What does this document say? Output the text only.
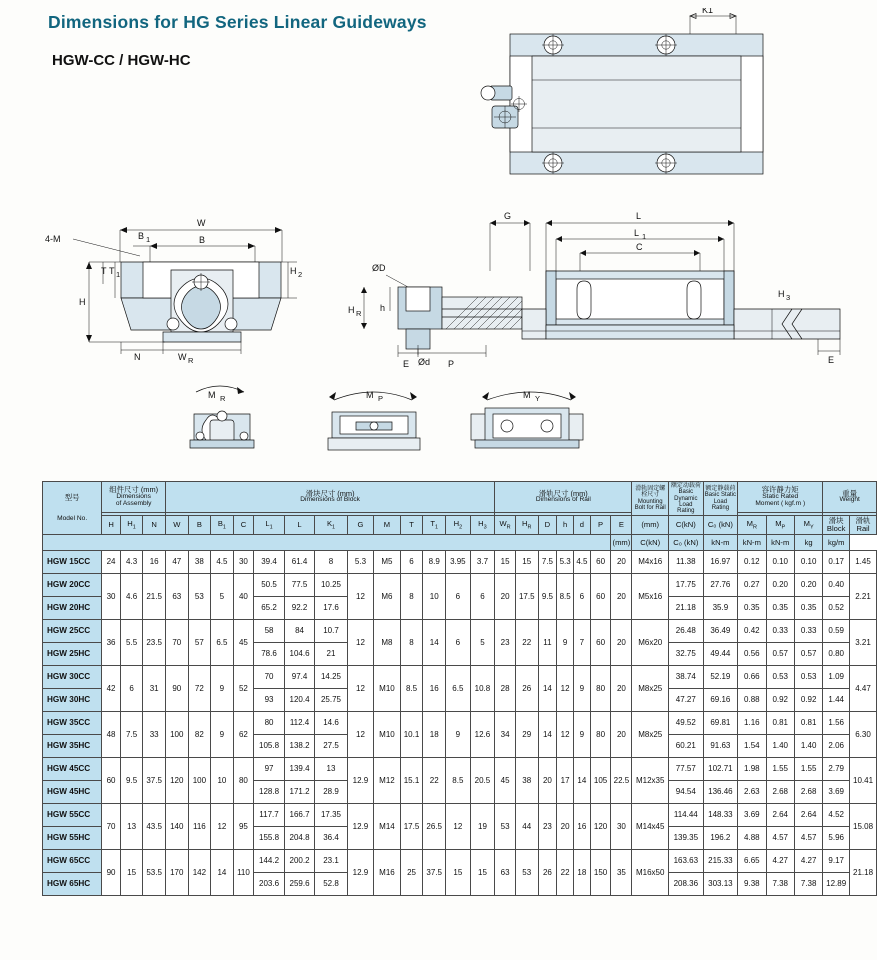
Dimensions for HG Series Linear Guideways
HGW-CC / HGW-HC
K1
W
B
B 1
4-M
H
T T 1	H 2
N	W R
G	L
L 1
C
ØD
Ød
H R
h
E	P
H 3
E
M R	M P	M Y
型号
Model No.

组件尺寸 (mm)
Dimensions
of Assembly

滑块尺寸 (mm)
Dimensions of Block

滑轨尺寸 (mm)
Dimensions of Rail

滑轨固定螺栓尺寸
Mounting
Bolt for Rail

额定动载荷
Basic Dynamic
Load Rating

额定静载荷
Basic Static
Load Rating

容许静力矩
Static Rated
Moment ( kgf.m )

重量
Weight

	H	$H_1$	N	W	B	$B_1$	C	$L_1$	L	$K_1$	G	M	T	$T_1$	$H_2$	$H_3$	$W_R$	$H_R$	D	h	d	P	E	(mm)	C(kN)	C₀ (kN)	$M_R$	$M_P$	$M_Y$	滑块
Block	滑轨
Rail
																							(mm)	C(kN)	C₀ (kN)	kN-m	kN-m	kN-m	kg	kg/m	
HGW 15CC	24	4.3	16	47	38	4.5	30	39.4	61.4	8	5.3	M5	6	8.9	3.95	3.7	15	15	7.5	5.3	4.5	60	20	M4x16	11.38	16.97	0.12	0.10	0.10	0.17	1.45
HGW 20CC	30	4.6	21.5	63	53	5	40	50.5	77.5	10.25	12	M6	8	10	6	6	20	17.5	9.5	8.5	6	60	20	M5x16	17.75	27.76	0.27	0.20	0.20	0.40	2.21
HGW 20HC								65.2	92.2	17.6															21.18	35.9	0.35	0.35	0.35	0.52	
HGW 25CC	36	5.5	23.5	70	57	6.5	45	58	84	10.7	12	M8	8	14	6	5	23	22	11	9	7	60	20	M6x20	26.48	36.49	0.42	0.33	0.33	0.59	3.21
HGW 25HC								78.6	104.6	21															32.75	49.44	0.56	0.57	0.57	0.80	
HGW 30CC	42	6	31	90	72	9	52	70	97.4	14.25	12	M10	8.5	16	6.5	10.8	28	26	14	12	9	80	20	M8x25	38.74	52.19	0.66	0.53	0.53	1.09	4.47
HGW 30HC								93	120.4	25.75															47.27	69.16	0.88	0.92	0.92	1.44	
HGW 35CC	48	7.5	33	100	82	9	62	80	112.4	14.6	12	M10	10.1	18	9	12.6	34	29	14	12	9	80	20	M8x25	49.52	69.81	1.16	0.81	0.81	1.56	6.30
HGW 35HC								105.8	138.2	27.5															60.21	91.63	1.54	1.40	1.40	2.06	
HGW 45CC	60	9.5	37.5	120	100	10	80	97	139.4	13	12.9	M12	15.1	22	8.5	20.5	45	38	20	17	14	105	22.5	M12x35	77.57	102.71	1.98	1.55	1.55	2.79	10.41
HGW 45HC								128.8	171.2	28.9															94.54	136.46	2.63	2.68	2.68	3.69	
HGW 55CC	70	13	43.5	140	116	12	95	117.7	166.7	17.35	12.9	M14	17.5	26.5	12	19	53	44	23	20	16	120	30	M14x45	114.44	148.33	3.69	2.64	2.64	4.52	15.08
HGW 55HC								155.8	204.8	36.4															139.35	196.2	4.88	4.57	4.57	5.96	
HGW 65CC	90	15	53.5	170	142	14	110	144.2	200.2	23.1	12.9	M16	25	37.5	15	15	63	53	26	22	18	150	35	M16x50	163.63	215.33	6.65	4.27	4.27	9.17	21.18
HGW 65HC								203.6	259.6	52.8															208.36	303.13	9.38	7.38	7.38	12.89	
